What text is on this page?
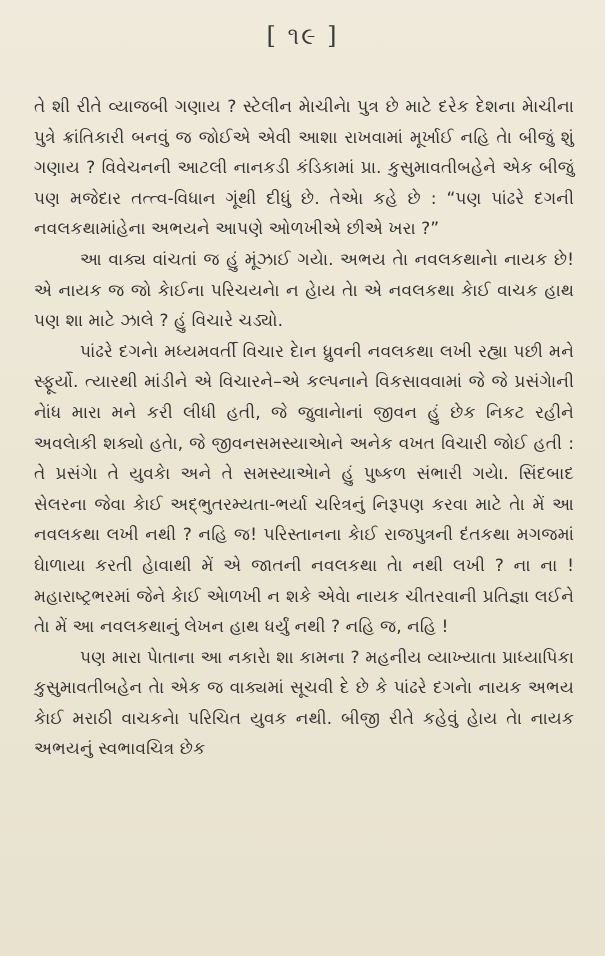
[ ૧૯ ]

તે શી રીતે વ્યાજબી ગણાય ? સ્ટેલીન મેાચીનેા પુત્ર છે માટે દરેક દેશના મેાચીના પુત્રે ક્રાંતિકારી બનવું જ જોઈએ એવી આશા રાખવામાં મૂર્ખાઈ નહિ તેા બીજું શું ગણાય ? વિવેચનની આટલી નાનકડી કંડિકામાં પ્રા. કુસુમાવતીબહેને એક બીજું પણ મજેદાર તત્ત્વ-વિધાન ગૂંથી દીધું છે. તેએા કહે છે : “પણ પાંઢરે દગની નવલકથામાંહેના અભયને આપણે ઓળખીએ છીએ ખરા ?”

આ વાક્ય વાંચતાં જ હું મૂંઝાઈ ગયેા. અભય તેા નવલકથાનેા નાયક છે! એ નાયક જ જો કેાઈના પરિચયનેા ન હેાય તેા એ નવલકથા કેાઈ વાચક હાથ પણ શા માટે ઝાલે ? હું વિચારે ચડ્યો.

પાંઢરે દગનેા મધ્યમવર્તી વિચાર દેાન ધ્રુવની નવલકથા લખી રહ્યા પછી મને સ્ફૂર્યો. ત્યારથી માંડીને એ વિચારને–એ કલ્પનાને વિકસાવવામાં જે જે પ્રસંગેાની નેાંધ મારા મને કરી લીધી હતી, જે જુવાનેાનાં જીવન હું છેક નિકટ રહીને અવલેાકી શક્યો હતેા, જે જીવનસમસ્યાએાને અનેક વખત વિચારી જોઈ હતી : તે પ્રસંગેા તે યુવકેા અને તે સમસ્યાએાને હું પુષ્કળ સંભારી ગયેા. સિંદબાદ સેલરના જેવા કેાઈ અદ્ભુતરમ્યતા-ભર્યા ચરિત્રનું નિરૂપણ કરવા માટે તેા મેં આ નવલકથા લખી નથી ? નહિ જ! પરિસ્તાનના કેાઈ રાજપુત્રની દંતકથા મગજમાં ઘેાળાયા કરતી હેાવાથી મેં એ જાતની નવલકથા તેા નથી લખી ? ના ના ! મહારાષ્ટ્રભરમાં જેને કેાઈ એાળખી ન શકે એવેા નાયક ચીતરવાની પ્રતિજ્ઞા લઈને તેા મેં આ નવલકથાનું લેખન હાથ ધર્યું નથી ? નહિ જ, નહિ !

પણ મારા પેાતાના આ નકારેા શા કામના ? મહનીય વ્યાખ્યાતા પ્રાધ્યાપિકા કુસુમાવતીબહેન તેા એક જ વાક્યમાં સૂચવી દે છે કે પાંઢરે દગનેા નાયક અભય કેાઈ મરાઠી વાચકનેા પરિચિત યુવક નથી. બીજી રીતે કહેવું હેાય તેા નાયક અભયનું સ્વભાવચિત્ર છેક
